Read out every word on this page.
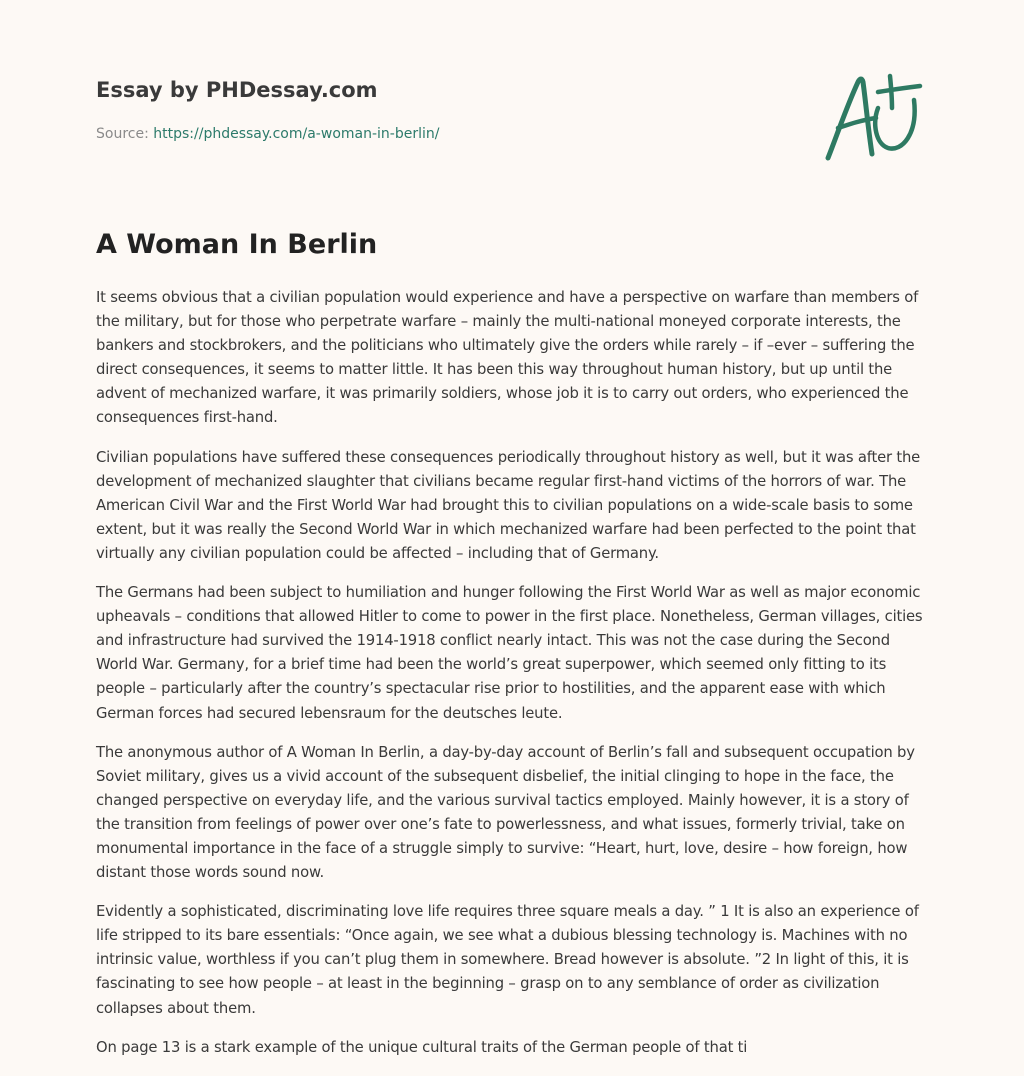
Essay by PHDessay.com
Source: https://phdessay.com/a-woman-in-berlin/
A Woman In Berlin

It seems obvious that a civilian population would experience and have a perspective on warfare than members of the military, but for those who perpetrate warfare – mainly the multi-national moneyed corporate interests, the bankers and stockbrokers, and the politicians who ultimately give the orders while rarely – if –ever – suffering the direct consequences, it seems to matter little. It has been this way throughout human history, but up until the advent of mechanized warfare, it was primarily soldiers, whose job it is to carry out orders, who experienced the consequences first-hand.

Civilian populations have suffered these consequences periodically throughout history as well, but it was after the development of mechanized slaughter that civilians became regular first-hand victims of the horrors of war. The American Civil War and the First World War had brought this to civilian populations on a wide-scale basis to some extent, but it was really the Second World War in which mechanized warfare had been perfected to the point that virtually any civilian population could be affected – including that of Germany.

The Germans had been subject to humiliation and hunger following the First World War as well as major economic upheavals – conditions that allowed Hitler to come to power in the first place. Nonetheless, German villages, cities and infrastructure had survived the 1914-1918 conflict nearly intact. This was not the case during the Second World War. Germany, for a brief time had been the world’s great superpower, which seemed only fitting to its people – particularly after the country’s spectacular rise prior to hostilities, and the apparent ease with which German forces had secured lebensraum for the deutsches leute.

The anonymous author of A Woman In Berlin, a day-by-day account of Berlin’s fall and subsequent occupation by Soviet military, gives us a vivid account of the subsequent disbelief, the initial clinging to hope in the face, the changed perspective on everyday life, and the various survival tactics employed. Mainly however, it is a story of the transition from feelings of power over one’s fate to powerlessness, and what issues, formerly trivial, take on monumental importance in the face of a struggle simply to survive: “Heart, hurt, love, desire – how foreign, how distant those words sound now.

Evidently a sophisticated, discriminating love life requires three square meals a day. ” 1 It is also an experience of life stripped to its bare essentials: “Once again, we see what a dubious blessing technology is. Machines with no intrinsic value, worthless if you can’t plug them in somewhere. Bread however is absolute. ”2 In light of this, it is fascinating to see how people – at least in the beginning – grasp on to any semblance of order as civilization collapses about them.

On page 13 is a stark example of the unique cultural traits of the German people of that ti
